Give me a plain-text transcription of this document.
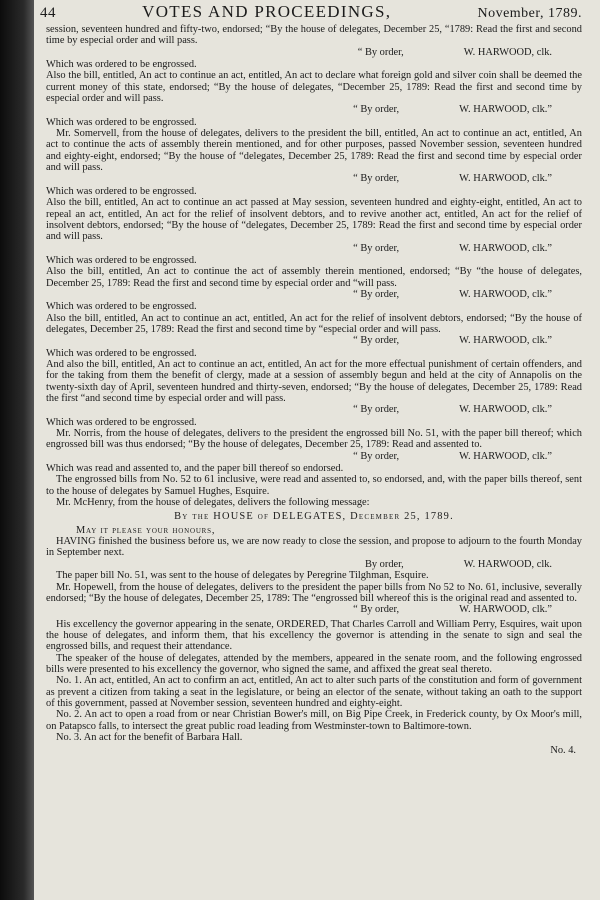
44	VOTES AND PROCEEDINGS,	November, 1789.

session, seventeen hundred and fifty-two, endorsed; “By the house of delegates, December 25, “1789: Read the first and second time by especial order and will pass.

“ By order,	W. HARWOOD, clk.

Which was ordered to be engrossed.

Also the bill, entitled, An act to continue an act, entitled, An act to declare what foreign gold and silver coin shall be deemed the current money of this state, endorsed; “By the house of delegates, “December 25, 1789: Read the first and second time by especial order and will pass.

“ By order,	W. HARWOOD, clk.”

Which was ordered to be engrossed.

Mr. Somervell, from the house of delegates, delivers to the president the bill, entitled, An act to continue an act, entitled, An act to continue the acts of assembly therein mentioned, and for other purposes, passed November session, seventeen hundred and eighty-eight, endorsed; “By the house of “delegates, December 25, 1789: Read the first and second time by especial order and will pass.

“ By order,	W. HARWOOD, clk.”

Which was ordered to be engrossed.

Also the bill, entitled, An act to continue an act passed at May session, seventeen hundred and eighty-eight, entitled, An act to repeal an act, entitled, An act for the relief of insolvent debtors, and to revive another act, entitled, An act for the relief of insolvent debtors, endorsed; “By the house of “delegates, December 25, 1789: Read the first and second time by especial order and will pass.

“ By order,	W. HARWOOD, clk.”

Which was ordered to be engrossed.

Also the bill, entitled, An act to continue the act of assembly therein mentioned, endorsed; “By “the house of delegates, December 25, 1789: Read the first and second time by especial order and “will pass.

“ By order,	W. HARWOOD, clk.”

Which was ordered to be engrossed.

Also the bill, entitled, An act to continue an act, entitled, An act for the relief of insolvent debtors, endorsed; “By the house of delegates, December 25, 1789: Read the first and second time by “especial order and will pass.

“ By order,	W. HARWOOD, clk.”

Which was ordered to be engrossed.

And also the bill, entitled, An act to continue an act, entitled, An act for the more effectual punishment of certain offenders, and for the taking from them the benefit of clergy, made at a session of assembly begun and held at the city of Annapolis on the twenty-sixth day of April, seventeen hundred and thirty-seven, endorsed; “By the house of delegates, December 25, 1789: Read the first “and second time by especial order and will pass.

“ By order,	W. HARWOOD, clk.”

Which was ordered to be engrossed.

Mr. Norris, from the house of delegates, delivers to the president the engrossed bill No. 51, with the paper bill thereof; which engrossed bill was thus endorsed; “By the house of delegates, December 25, 1789: Read and assented to.

“ By order,	W. HARWOOD, clk.”

Which was read and assented to, and the paper bill thereof so endorsed.

The engrossed bills from No. 52 to 61 inclusive, were read and assented to, so endorsed, and, with the paper bills thereof, sent to the house of delegates by Samuel Hughes, Esquire.

Mr. McHenry, from the house of delegates, delivers the following message:

By the HOUSE of DELEGATES, December 25, 1789.
May it please your honours,

HAVING finished the business before us, we are now ready to close the session, and propose to adjourn to the fourth Monday in September next.

By order,	W. HARWOOD, clk.

The paper bill No. 51, was sent to the house of delegates by Peregrine Tilghman, Esquire.

Mr. Hopewell, from the house of delegates, delivers to the president the paper bills from No 52 to No. 61, inclusive, severally endorsed; “By the house of delegates, December 25, 1789: The “engrossed bill whereof this is the original read and assented to.

“ By order,	W. HARWOOD, clk.”

His excellency the governor appearing in the senate, ORDERED, That Charles Carroll and William Perry, Esquires, wait upon the house of delegates, and inform them, that his excellency the governor is attending in the senate to sign and seal the engrossed bills, and request their attendance.

The speaker of the house of delegates, attended by the members, appeared in the senate room, and the following engrossed bills were presented to his excellency the governor, who signed the same, and affixed the great seal thereto.

No. 1. An act, entitled, An act to confirm an act, entitled, An act to alter such parts of the constitution and form of government as prevent a citizen from taking a seat in the legislature, or being an elector of the senate, without taking an oath to the support of this government, passed at November session, seventeen hundred and eighty-eight.

No. 2. An act to open a road from or near Christian Bower's mill, on Big Pipe Creek, in Frederick county, by Ox Moor's mill, on Patapsco falls, to intersect the great public road leading from Westminster-town to Baltimore-town.

No. 3. An act for the benefit of Barbara Hall.

No. 4.
